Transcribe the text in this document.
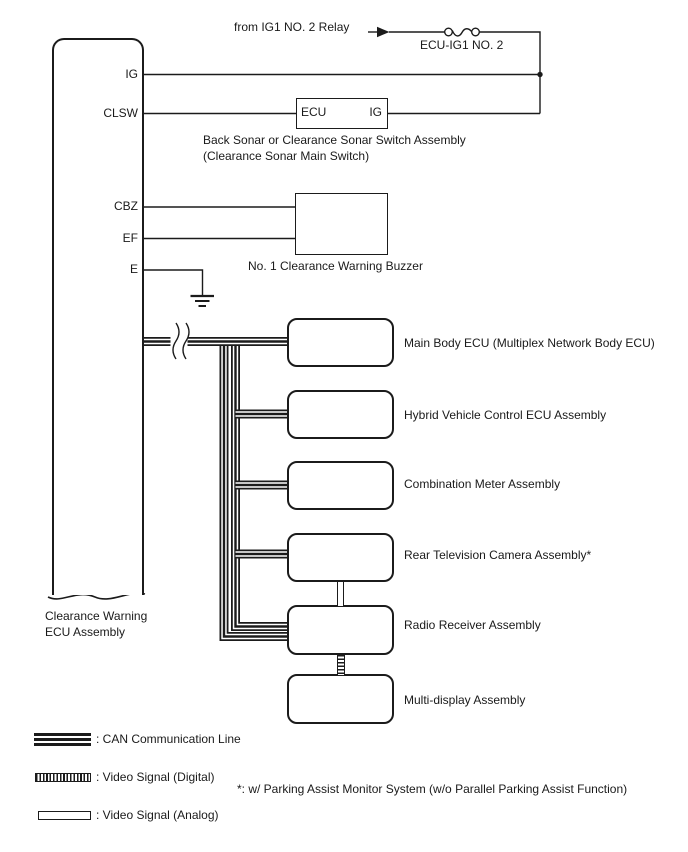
IG
CLSW
CBZ
EF
E
Clearance Warning
ECU Assembly
from IG1 NO. 2 Relay
ECU-IG1 NO. 2
ECU	IG
Back Sonar or Clearance Sonar Switch Assembly
(Clearance Sonar Main Switch)
No. 1 Clearance Warning Buzzer
Main Body ECU (Multiplex Network Body ECU)
Hybrid Vehicle Control ECU Assembly
Combination Meter Assembly
Rear Television Camera Assembly*
Radio Receiver Assembly
Multi-display Assembly
: CAN Communication Line
: Video Signal (Digital)
: Video Signal (Analog)
*: w/ Parking Assist Monitor System (w/o Parallel Parking Assist Function)
